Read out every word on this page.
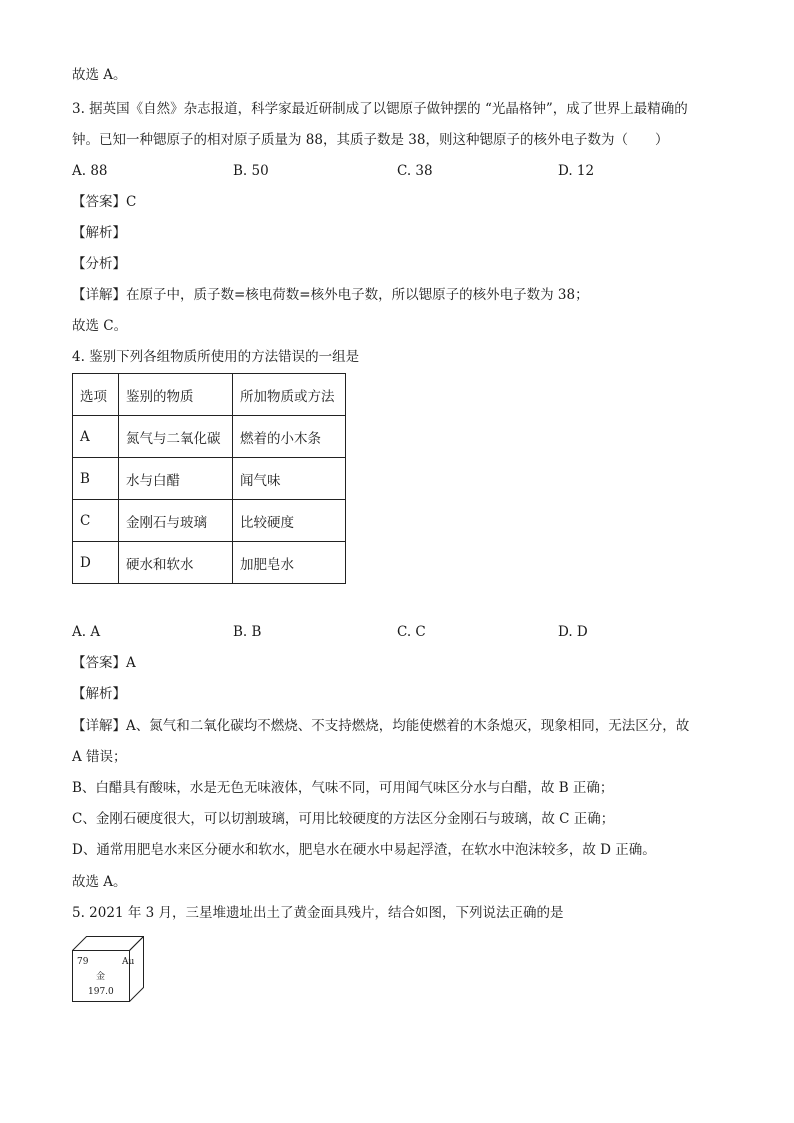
故选 A。
3. 据英国《自然》杂志报道，科学家最近研制成了以锶原子做钟摆的 “光晶格钟”，成了世界上最精确的
钟。已知一种锶原子的相对原子质量为 88，其质子数是 38，则这种锶原子的核外电子数为（　　）
A. 88	B. 50	C. 38	D. 12
【答案】C
【解析】
【分析】
【详解】在原子中，质子数=核电荷数=核外电子数，所以锶原子的核外电子数为 38；
故选 C。
4. 鉴别下列各组物质所使用的方法错误的一组是
选项	鉴别的物质	所加物质或方法
A	氮气与二氧化碳	燃着的小木条
B	水与白醋	闻气味
C	金刚石与玻璃	比较硬度
D	硬水和软水	加肥皂水
A. A	B. B	C. C	D. D
【答案】A
【解析】
【详解】A、氮气和二氧化碳均不燃烧、不支持燃烧，均能使燃着的木条熄灭，现象相同，无法区分，故
A 错误；
B、白醋具有酸味，水是无色无味液体，气味不同，可用闻气味区分水与白醋，故 B 正确；
C、金刚石硬度很大，可以切割玻璃，可用比较硬度的方法区分金刚石与玻璃，故 C 正确；
D、通常用肥皂水来区分硬水和软水，肥皂水在硬水中易起浮渣，在软水中泡沫较多，故 D 正确。
故选 A。
5. 2021 年 3 月，三星堆遗址出土了黄金面具残片，结合如图，下列说法正确的是
79	Au
金
197.0
